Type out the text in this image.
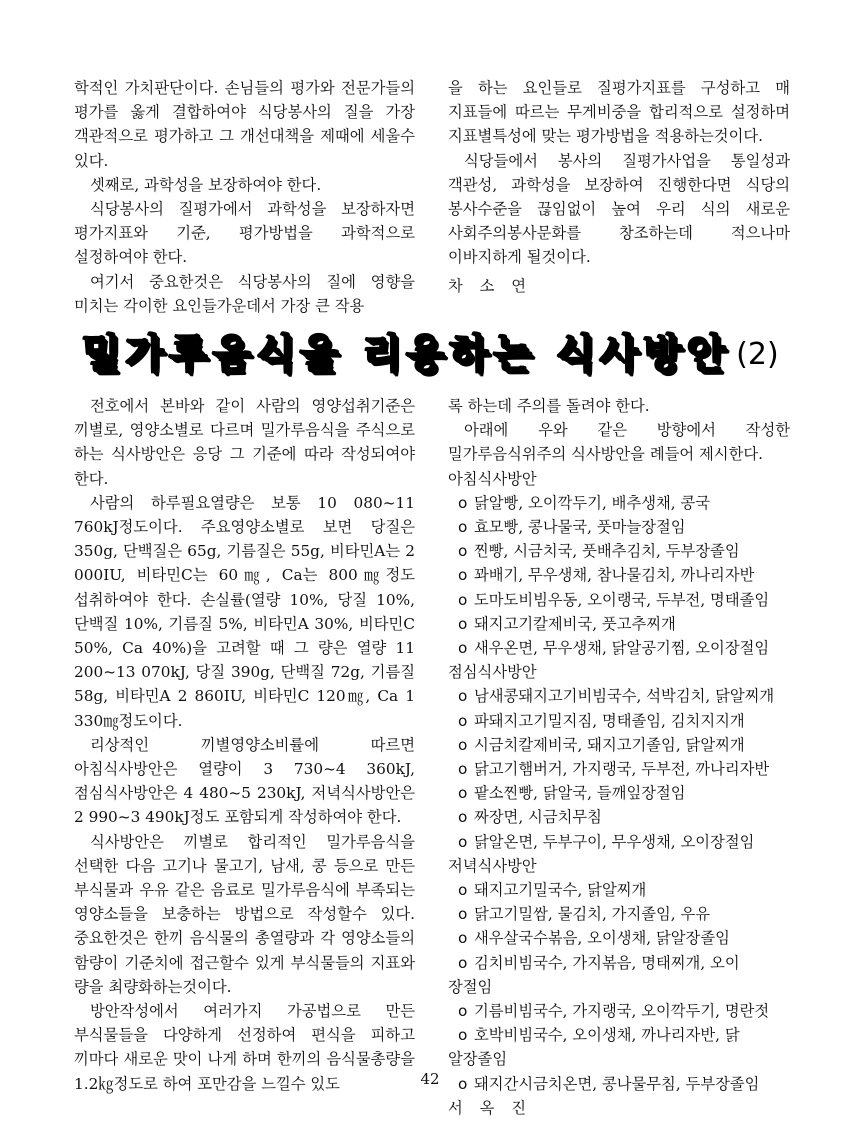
학적인 가치판단이다. 손님들의 평가와 전문가들의 평가를 옳게 결합하여야 식당봉사의 질을 가장 객관적으로 평가하고 그 개선대책을 제때에 세울수 있다.

셋째로, 과학성을 보장하여야 한다.

식당봉사의 질평가에서 과학성을 보장하자면 평가지표와 기준, 평가방법을 과학적으로 설정하여야 한다.

여기서 중요한것은 식당봉사의 질에 영향을 미치는 각이한 요인들가운데서 가장 큰 작용

을 하는 요인들로 질평가지표를 구성하고 매 지표들에 따르는 무게비중을 합리적으로 설정하며 지표별특성에 맞는 평가방법을 적용하는것이다.

식당들에서 봉사의 질평가사업을 통일성과 객관성, 과학성을 보장하여 진행한다면 식당의 봉사수준을 끊임없이 높여 우리 식의 새로운 사회주의봉사문화를 창조하는데 적으나마 이바지하게 될것이다.

차 소 연

밀가루음식을 리용하는 식사방안 (2)

전호에서 본바와 같이 사람의 영양섭취기준은 끼별로, 영양소별로 다르며 밀가루음식을 주식으로 하는 식사방안은 응당 그 기준에 따라 작성되여야 한다.

사람의 하루필요열량은 보통 10 080~11 760kJ정도이다. 주요영양소별로 보면 당질은 350g, 단백질은 65g, 기름질은 55g, 비타민A는 2 000IU, 비타민C는 60㎎, Ca는 800㎎정도 섭취하여야 한다. 손실률(열량 10%, 당질 10%, 단백질 10%, 기름질 5%, 비타민A 30%, 비타민C 50%, Ca 40%)을 고려할 때 그 량은 열량 11 200~13 070kJ, 당질 390g, 단백질 72g, 기름질 58g, 비타민A 2 860IU, 비타민C 120㎎, Ca 1 330㎎정도이다.

리상적인 끼별영양소비률에 따르면 아침식사방안은 열량이 3 730~4 360kJ, 점심식사방안은 4 480~5 230kJ, 저녁식사방안은 2 990~3 490kJ정도 포함되게 작성하여야 한다.

식사방안은 끼별로 합리적인 밀가루음식을 선택한 다음 고기나 물고기, 남새, 콩 등으로 만든 부식물과 우유 같은 음료로 밀가루음식에 부족되는 영양소들을 보충하는 방법으로 작성할수 있다. 중요한것은 한끼 음식물의 총열량과 각 영양소들의 함량이 기준치에 접근할수 있게 부식물들의 지표와 량을 최량화하는것이다.

방안작성에서 여러가지 가공법으로 만든 부식물들을 다양하게 선정하여 편식을 피하고 끼마다 새로운 맛이 나게 하며 한끼의 음식물총량을 1.2㎏정도로 하여 포만감을 느낄수 있도

록 하는데 주의를 돌려야 한다.

아래에 우와 같은 방향에서 작성한 밀가루음식위주의 식사방안을 례들어 제시한다.

아침식사방안

o 닭알빵, 오이깍두기, 배추생채, 콩국

o 효모빵, 콩나물국, 풋마늘장절임

o 찐빵, 시금치국, 풋배추김치, 두부장졸임

o 꽈배기, 무우생채, 참나물김치, 까나리자반

o 도마도비빔우동, 오이랭국, 두부전, 명태졸임

o 돼지고기칼제비국, 풋고추찌개

o 새우온면, 무우생채, 닭알공기찜, 오이장절임

점심식사방안

o 남새콩돼지고기비빔국수, 석박김치, 닭알찌개

o 파돼지고기밀지짐, 명태졸임, 김치지지개

o 시금치칼제비국, 돼지고기졸임, 닭알찌개

o 닭고기햄버거, 가지랭국, 두부전, 까나리자반

o 팥소찐빵, 닭알국, 들깨잎장절임

o 짜장면, 시금치무침

o 닭알온면, 두부구이, 무우생채, 오이장절임

저녁식사방안

o 돼지고기밀국수, 닭알찌개

o 닭고기밀쌈, 물김치, 가지졸임, 우유

o 새우살국수볶음, 오이생채, 닭알장졸임

o 김치비빔국수, 가지볶음, 명태찌개, 오이

장절임

o 기름비빔국수, 가지랭국, 오이깍두기, 명란젓

o 호박비빔국수, 오이생채, 까나리자반, 닭

알장졸임

o 돼지간시금치온면, 콩나물무침, 두부장졸임

서 옥 진

42
